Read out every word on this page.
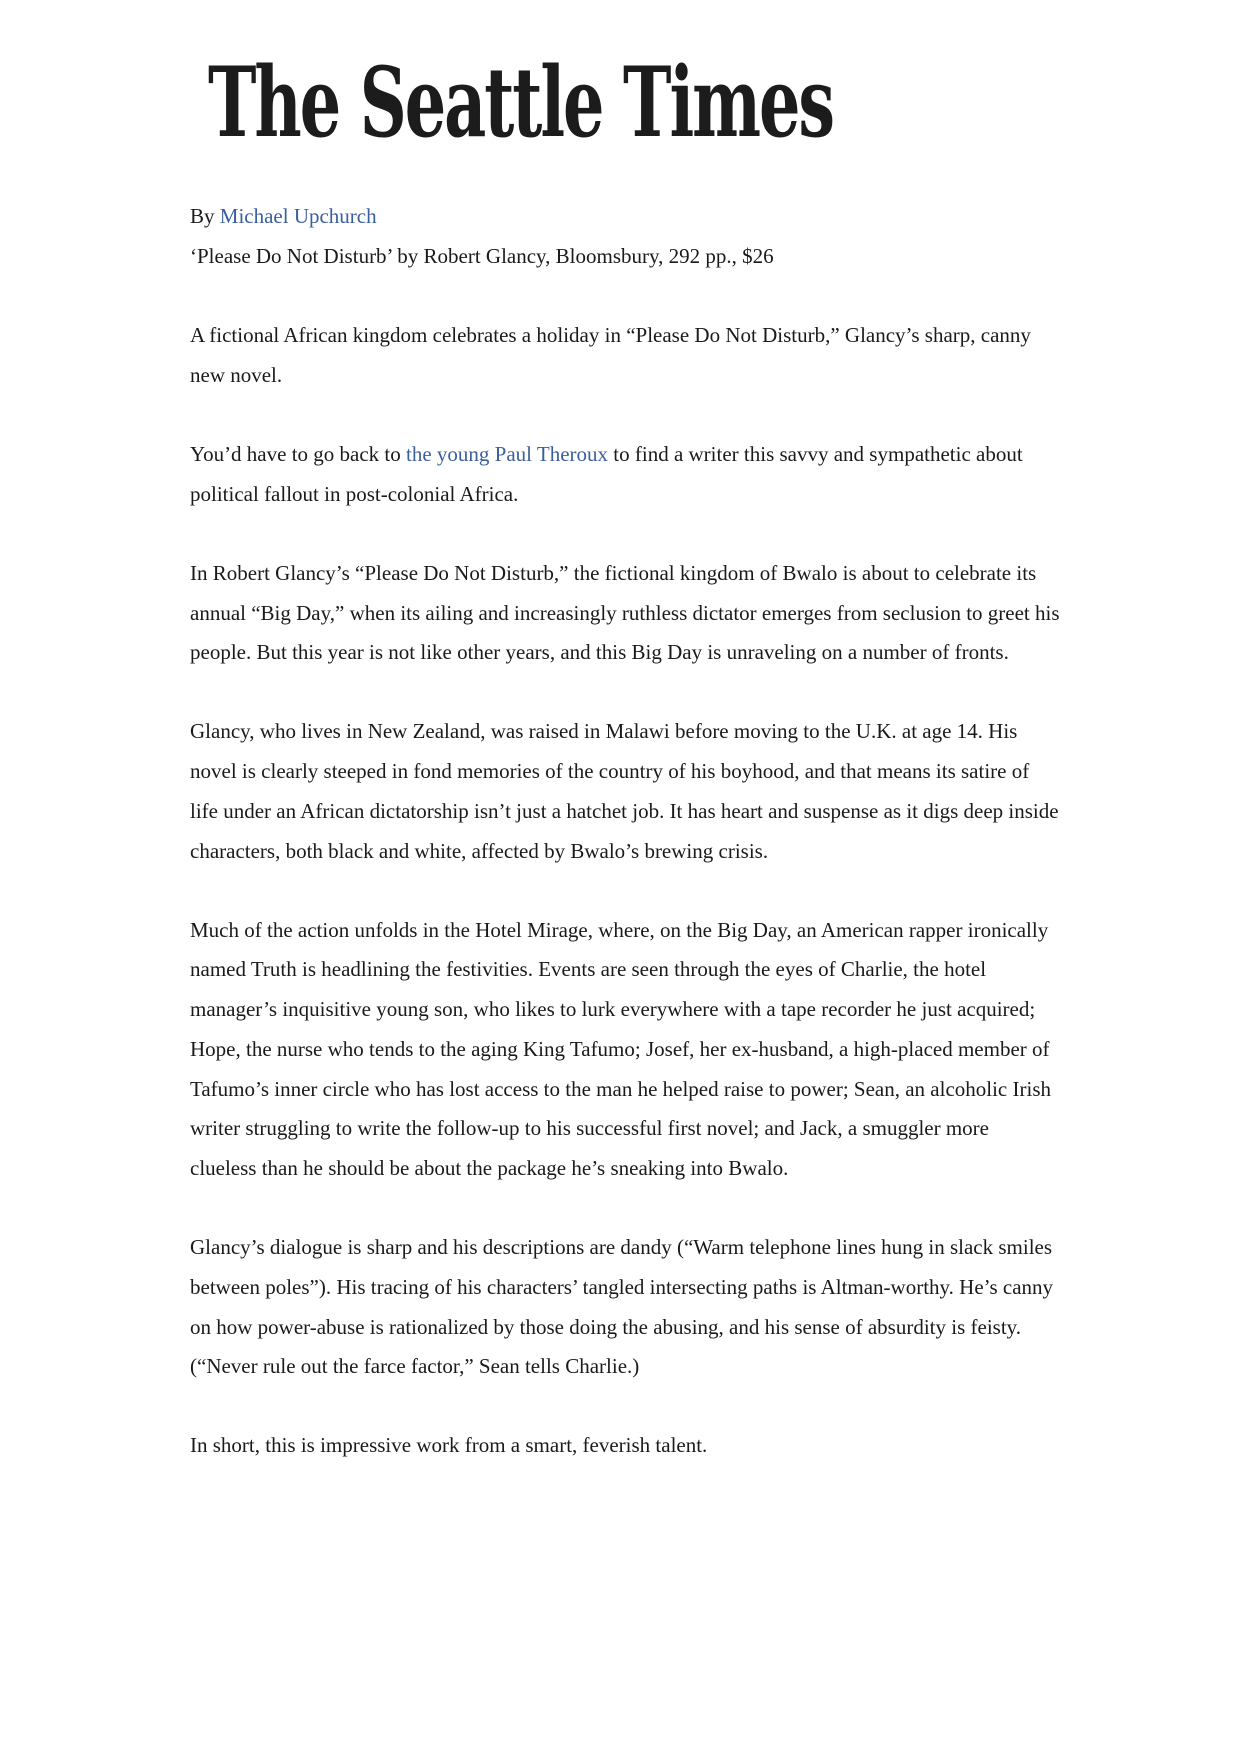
The Seattle Times
By Michael Upchurch
‘Please Do Not Disturb’ by Robert Glancy, Bloomsbury, 292 pp., $26

A fictional African kingdom celebrates a holiday in “Please Do Not Disturb,” Glancy’s sharp, canny new novel.

You’d have to go back to the young Paul Theroux to find a writer this savvy and sympathetic about political fallout in post-colonial Africa.

In Robert Glancy’s “Please Do Not Disturb,” the fictional kingdom of Bwalo is about to celebrate its annual “Big Day,” when its ailing and increasingly ruthless dictator emerges from seclusion to greet his people. But this year is not like other years, and this Big Day is unraveling on a number of fronts.

Glancy, who lives in New Zealand, was raised in Malawi before moving to the U.K. at age 14. His novel is clearly steeped in fond memories of the country of his boyhood, and that means its satire of life under an African dictatorship isn’t just a hatchet job. It has heart and suspense as it digs deep inside characters, both black and white, affected by Bwalo’s brewing crisis.

Much of the action unfolds in the Hotel Mirage, where, on the Big Day, an American rapper ironically named Truth is headlining the festivities. Events are seen through the eyes of Charlie, the hotel manager’s inquisitive young son, who likes to lurk everywhere with a tape recorder he just acquired; Hope, the nurse who tends to the aging King Tafumo; Josef, her ex-husband, a high-placed member of Tafumo’s inner circle who has lost access to the man he helped raise to power; Sean, an alcoholic Irish writer struggling to write the follow-up to his successful first novel; and Jack, a smuggler more clueless than he should be about the package he’s sneaking into Bwalo.

Glancy’s dialogue is sharp and his descriptions are dandy (“Warm telephone lines hung in slack smiles between poles”). His tracing of his characters’ tangled intersecting paths is Altman-worthy. He’s canny on how power-abuse is rationalized by those doing the abusing, and his sense of absurdity is feisty. (“Never rule out the farce factor,” Sean tells Charlie.)

In short, this is impressive work from a smart, feverish talent.
